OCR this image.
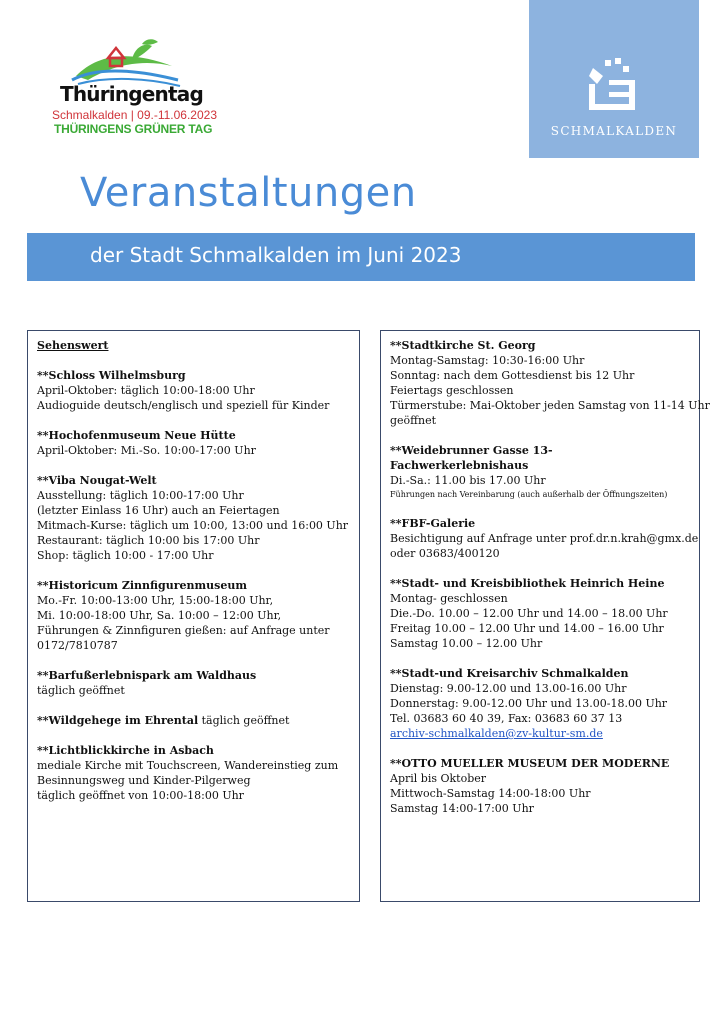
Thüringentag
Schmalkalden | 09.-11.06.2023
THÜRINGENS GRÜNER TAG	SCHMALKALDEN
Veranstaltungen
der Stadt Schmalkalden im Juni 2023
Sehenswert
**Schloss Wilhelmsburg
April-Oktober: täglich 10:00-18:00 Uhr
Audioguide deutsch/englisch und speziell für Kinder
**Hochofenmuseum Neue Hütte
April-Oktober: Mi.-So. 10:00-17:00 Uhr
**Viba Nougat-Welt
Ausstellung: täglich 10:00-17:00 Uhr
(letzter Einlass 16 Uhr) auch an Feiertagen
Mitmach-Kurse: täglich um 10:00, 13:00 und 16:00 Uhr
Restaurant: täglich 10:00 bis 17:00 Uhr
Shop: täglich 10:00 - 17:00 Uhr
**Historicum Zinnfigurenmuseum
Mo.-Fr. 10:00-13:00 Uhr, 15:00-18:00 Uhr,
Mi. 10:00-18:00 Uhr, Sa. 10:00 – 12:00 Uhr,
Führungen & Zinnfiguren gießen: auf Anfrage unter
0172/7810787
**Barfußerlebnispark am Waldhaus
täglich geöffnet
**Wildgehege im Ehrental täglich geöffnet
**Lichtblickkirche in Asbach
mediale Kirche mit Touchscreen, Wandereinstieg zum
Besinnungsweg und Kinder-Pilgerweg
täglich geöffnet von 10:00-18:00 Uhr
**Stadtkirche St. Georg
Montag-Samstag: 10:30-16:00 Uhr
Sonntag: nach dem Gottesdienst bis 12 Uhr
Feiertags geschlossen
Türmerstube: Mai-Oktober jeden Samstag von 11-14 Uhr
geöffnet
**Weidebrunner Gasse 13- Fachwerkerlebnishaus
Di.-Sa.: 11.00 bis 17.00 Uhr
Führungen nach Vereinbarung (auch außerhalb der Öffnungszeiten)
**FBF-Galerie
Besichtigung auf Anfrage unter prof.dr.n.krah@gmx.de
oder 03683/400120
**Stadt- und Kreisbibliothek Heinrich Heine
Montag- geschlossen
Die.-Do. 10.00 – 12.00 Uhr und 14.00 – 18.00 Uhr
Freitag 10.00 – 12.00 Uhr und 14.00 – 16.00 Uhr
Samstag 10.00 – 12.00 Uhr
**Stadt-und Kreisarchiv Schmalkalden
Dienstag: 9.00-12.00 und 13.00-16.00 Uhr
Donnerstag: 9.00-12.00 Uhr und 13.00-18.00 Uhr
Tel. 03683 60 40 39, Fax: 03683 60 37 13
archiv-schmalkalden@zv-kultur-sm.de
**OTTO MUELLER MUSEUM DER MODERNE
April bis Oktober
Mittwoch-Samstag 14:00-18:00 Uhr
Samstag 14:00-17:00 Uhr
